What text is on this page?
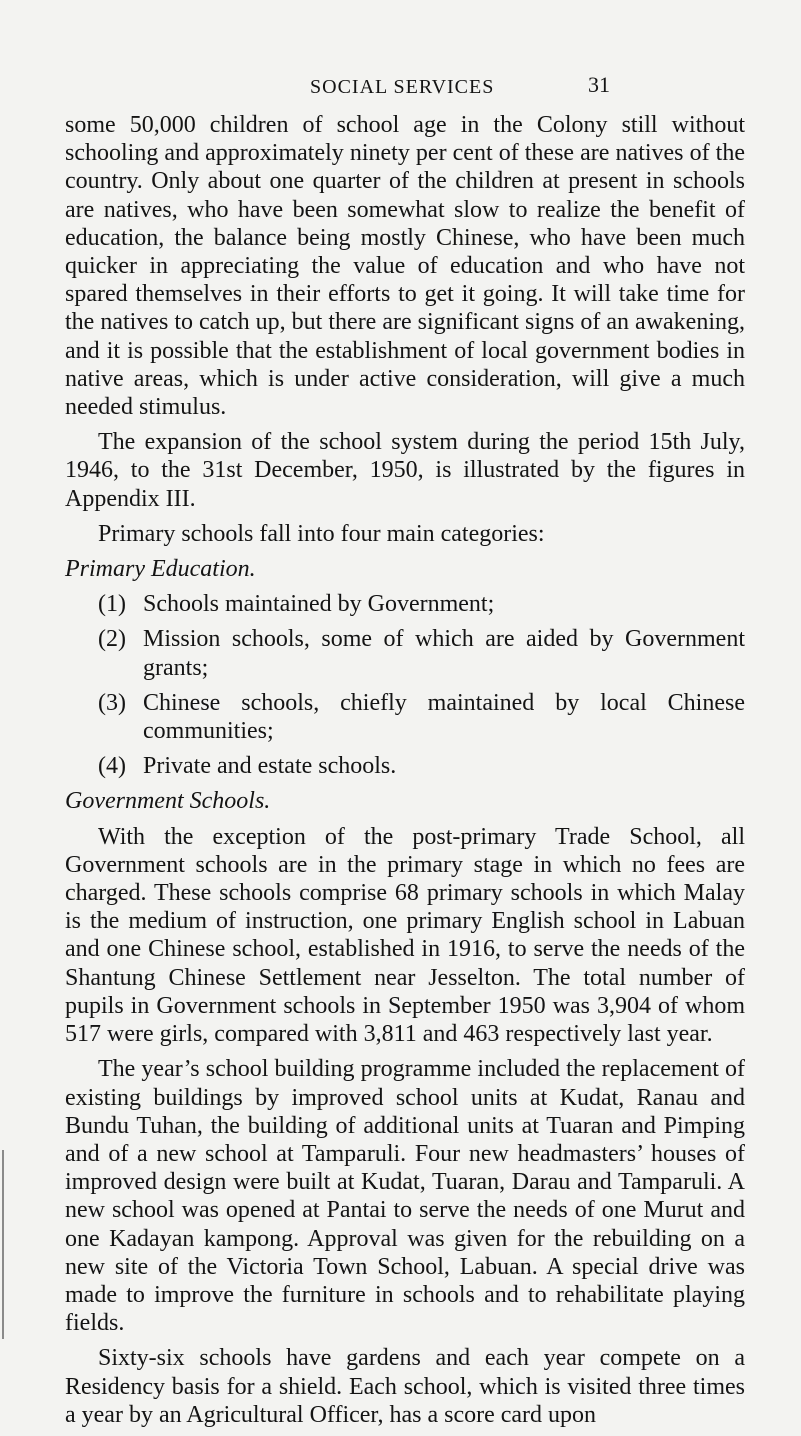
SOCIAL SERVICES	31

some 50,000 children of school age in the Colony still without schooling and approximately ninety per cent of these are natives of the country. Only about one quarter of the children at present in schools are natives, who have been somewhat slow to realize the benefit of education, the balance being mostly Chinese, who have been much quicker in appreciating the value of education and who have not spared themselves in their efforts to get it going. It will take time for the natives to catch up, but there are significant signs of an awakening, and it is possible that the establishment of local government bodies in native areas, which is under active consideration, will give a much needed stimulus.

The expansion of the school system during the period 15th July, 1946, to the 31st December, 1950, is illustrated by the figures in Appendix III.

Primary schools fall into four main categories:

Primary Education.
(1) Schools maintained by Government;
(2) Mission schools, some of which are aided by Government grants;
(3) Chinese schools, chiefly maintained by local Chinese communities;
(4) Private and estate schools.
Government Schools.

With the exception of the post-primary Trade School, all Government schools are in the primary stage in which no fees are charged. These schools comprise 68 primary schools in which Malay is the medium of instruction, one primary English school in Labuan and one Chinese school, established in 1916, to serve the needs of the Shantung Chinese Settlement near Jesselton. The total number of pupils in Government schools in September 1950 was 3,904 of whom 517 were girls, compared with 3,811 and 463 respectively last year.

The year’s school building programme included the replacement of existing buildings by improved school units at Kudat, Ranau and Bundu Tuhan, the building of additional units at Tuaran and Pimping and of a new school at Tamparuli. Four new headmasters’ houses of improved design were built at Kudat, Tuaran, Darau and Tamparuli. A new school was opened at Pantai to serve the needs of one Murut and one Kadayan kampong. Approval was given for the rebuilding on a new site of the Victoria Town School, Labuan. A special drive was made to improve the furniture in schools and to rehabilitate playing fields.

Sixty-six schools have gardens and each year compete on a Residency basis for a shield. Each school, which is visited three times a year by an Agricultural Officer, has a score card upon
